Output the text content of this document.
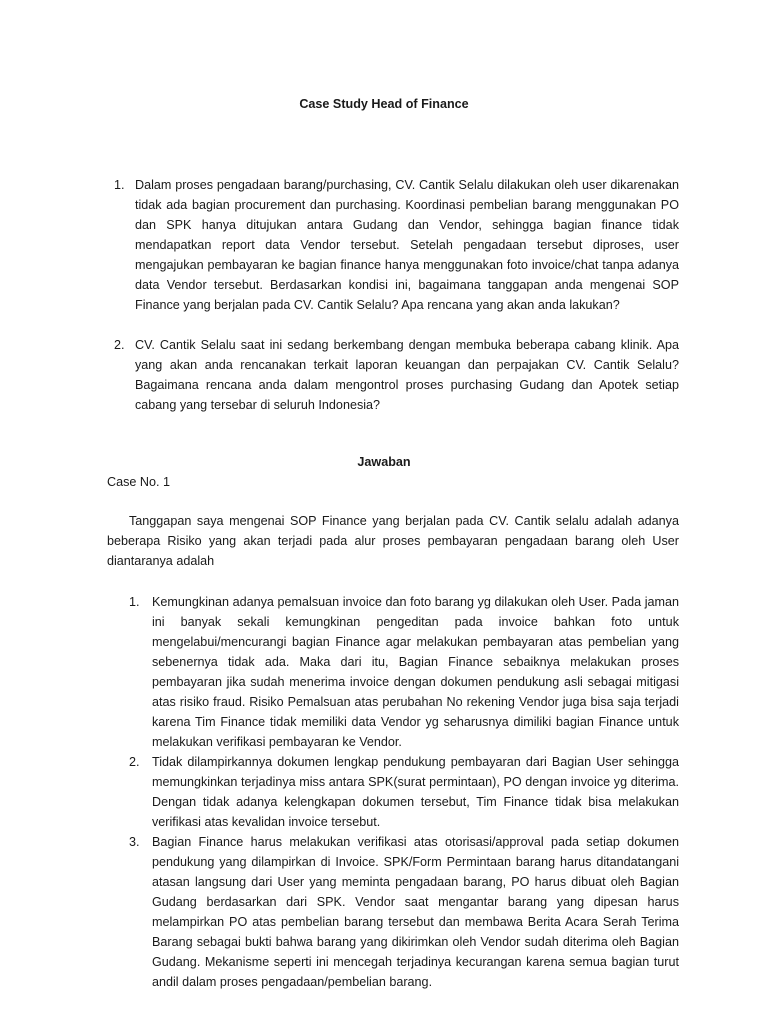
Case Study Head of Finance
1. Dalam proses pengadaan barang/purchasing, CV. Cantik Selalu dilakukan oleh user dikarenakan tidak ada bagian procurement dan purchasing. Koordinasi pembelian barang menggunakan PO dan SPK hanya ditujukan antara Gudang dan Vendor, sehingga bagian finance tidak mendapatkan report data Vendor tersebut. Setelah pengadaan tersebut diproses, user mengajukan pembayaran ke bagian finance hanya menggunakan foto invoice/chat tanpa adanya data Vendor tersebut. Berdasarkan kondisi ini, bagaimana tanggapan anda mengenai SOP Finance yang berjalan pada CV. Cantik Selalu? Apa rencana yang akan anda lakukan?
2. CV. Cantik Selalu saat ini sedang berkembang dengan membuka beberapa cabang klinik. Apa yang akan anda rencanakan terkait laporan keuangan dan perpajakan CV. Cantik Selalu? Bagaimana rencana anda dalam mengontrol proses purchasing Gudang dan Apotek setiap cabang yang tersebar di seluruh Indonesia?
Jawaban
Case No. 1
Tanggapan saya mengenai SOP Finance yang berjalan pada CV. Cantik selalu adalah adanya beberapa Risiko yang akan terjadi pada alur proses pembayaran pengadaan barang oleh User diantaranya adalah
1. Kemungkinan adanya pemalsuan invoice dan foto barang yg dilakukan oleh User. Pada jaman ini banyak sekali kemungkinan pengeditan pada invoice bahkan foto untuk mengelabui/mencurangi bagian Finance agar melakukan pembayaran atas pembelian yang sebenernya tidak ada. Maka dari itu, Bagian Finance sebaiknya melakukan proses pembayaran jika sudah menerima invoice dengan dokumen pendukung asli sebagai mitigasi atas risiko fraud. Risiko Pemalsuan atas perubahan No rekening Vendor juga bisa saja terjadi karena Tim Finance tidak memiliki data Vendor yg seharusnya dimiliki bagian Finance untuk melakukan verifikasi pembayaran ke Vendor.
2. Tidak dilampirkannya dokumen lengkap pendukung pembayaran dari Bagian User sehingga memungkinkan terjadinya miss antara SPK(surat permintaan), PO dengan invoice yg diterima. Dengan tidak adanya kelengkapan dokumen tersebut, Tim Finance tidak bisa melakukan verifikasi atas kevalidan invoice tersebut.
3. Bagian Finance harus melakukan verifikasi atas otorisasi/approval pada setiap dokumen pendukung yang dilampirkan di Invoice. SPK/Form Permintaan barang harus ditandatangani atasan langsung dari User yang meminta pengadaan barang, PO harus dibuat oleh Bagian Gudang berdasarkan dari SPK. Vendor saat mengantar barang yang dipesan harus melampirkan PO atas pembelian barang tersebut dan membawa Berita Acara Serah Terima Barang sebagai bukti bahwa barang yang dikirimkan oleh Vendor sudah diterima oleh Bagian Gudang. Mekanisme seperti ini mencegah terjadinya kecurangan karena semua bagian turut andil dalam proses pengadaan/pembelian barang.
